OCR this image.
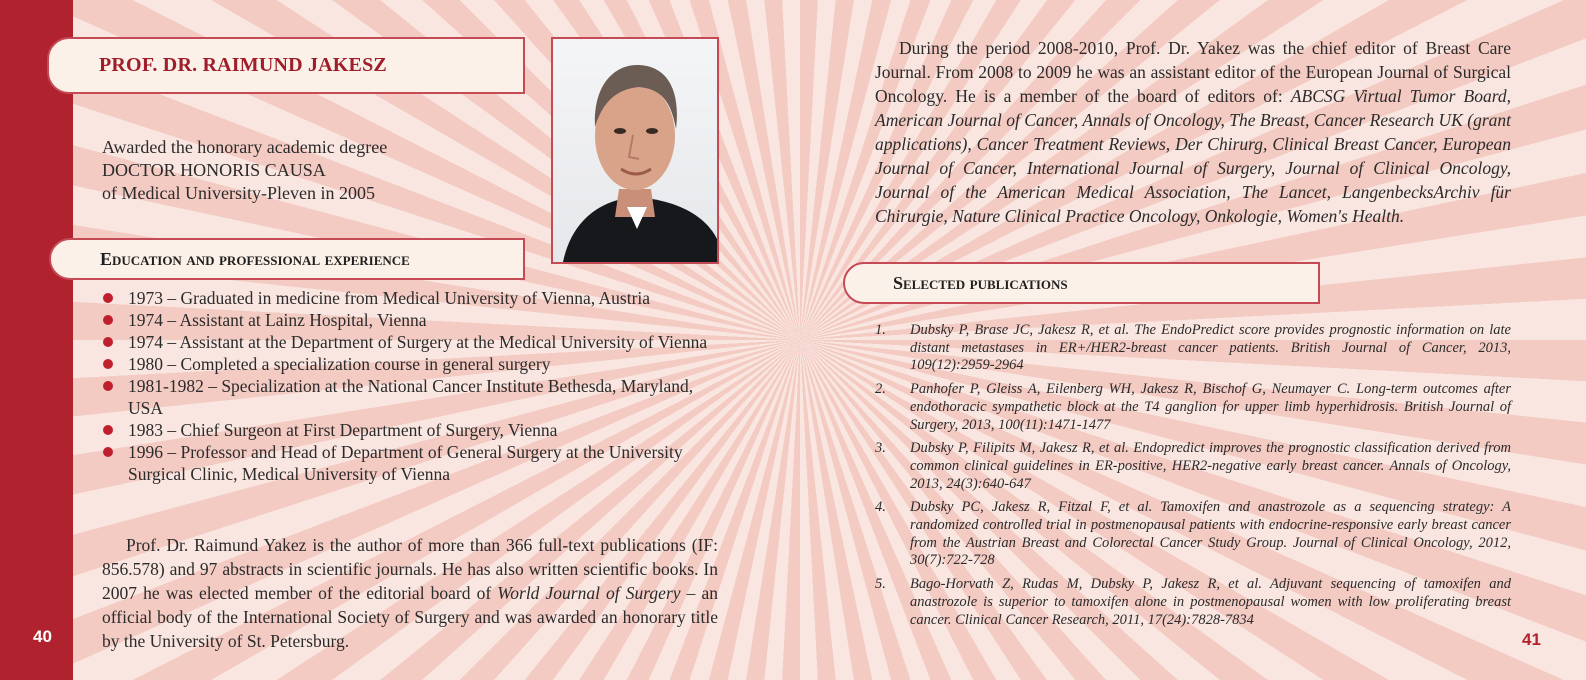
40	41
PROF. DR. RAIMUND JAKESZ
Awarded the honorary academic degree
DOCTOR HONORIS CAUSA
of Medical University-Pleven in 2005
Education and professional experience
1973 – Graduated in medicine from Medical University of Vienna, Austria
1974 – Assistant at Lainz Hospital, Vienna
1974 – Assistant at the Department of Surgery at the Medical University of Vienna
1980 – Completed a specialization course in general surgery
1981-1982 – Specialization at the National Cancer Institute Bethesda, Maryland, USA
1983 – Chief Surgeon at First Department of Surgery, Vienna
1996 – Professor and Head of Department of General Surgery at the University Surgical Clinic, Medical University of Vienna

Prof. Dr. Raimund Yakez is the author of more than 366 full-text publications (IF: 856.578) and 97 abstracts in scientific journals. He has also written scientific books. In 2007 he was elected member of the editorial board of World Journal of Surgery – an official body of the International Society of Surgery and was awarded an honorary title by the University of St. Petersburg.

During the period 2008-2010, Prof. Dr. Yakez was the chief editor of Breast Care Journal. From 2008 to 2009 he was an assistant editor of the European Journal of Surgical Oncology. He is a member of the board of editors of: ABCSG Virtual Tumor Board, American Journal of Cancer, Annals of Oncology, The Breast, Cancer Research UK (grant applications), Cancer Treatment Reviews, Der Chirurg, Clinical Breast Cancer, European Journal of Cancer, International Journal of Surgery, Journal of Clinical Oncology, Journal of the American Medical Association, The Lancet, LangenbecksArchiv für Chirurgie, Nature Clinical Practice Oncology, Onkologie, Women's Health.

Selected publications
1. Dubsky P, Brase JC, Jakesz R, et al. The EndoPredict score provides prognostic information on late distant metastases in ER+/HER2-breast cancer patients. British Journal of Cancer, 2013, 109(12):2959-2964
2. Panhofer P, Gleiss A, Eilenberg WH, Jakesz R, Bischof G, Neumayer C. Long-term outcomes after endothoracic sympathetic block at the T4 ganglion for upper limb hyperhidrosis. British Journal of Surgery, 2013, 100(11):1471-1477
3. Dubsky P, Filipits M, Jakesz R, et al. Endopredict improves the prognostic classification derived from common clinical guidelines in ER-positive, HER2-negative early breast cancer. Annals of Oncology, 2013, 24(3):640-647
4. Dubsky PC, Jakesz R, Fitzal F, et al. Tamoxifen and anastrozole as a sequencing strategy: A randomized controlled trial in postmenopausal patients with endocrine-responsive early breast cancer from the Austrian Breast and Colorectal Cancer Study Group. Journal of Clinical Oncology, 2012, 30(7):722-728
5. Bago-Horvath Z, Rudas M, Dubsky P, Jakesz R, et al. Adjuvant sequencing of tamoxifen and anastrozole is superior to tamoxifen alone in postmenopausal women with low proliferating breast cancer. Clinical Cancer Research, 2011, 17(24):7828-7834
